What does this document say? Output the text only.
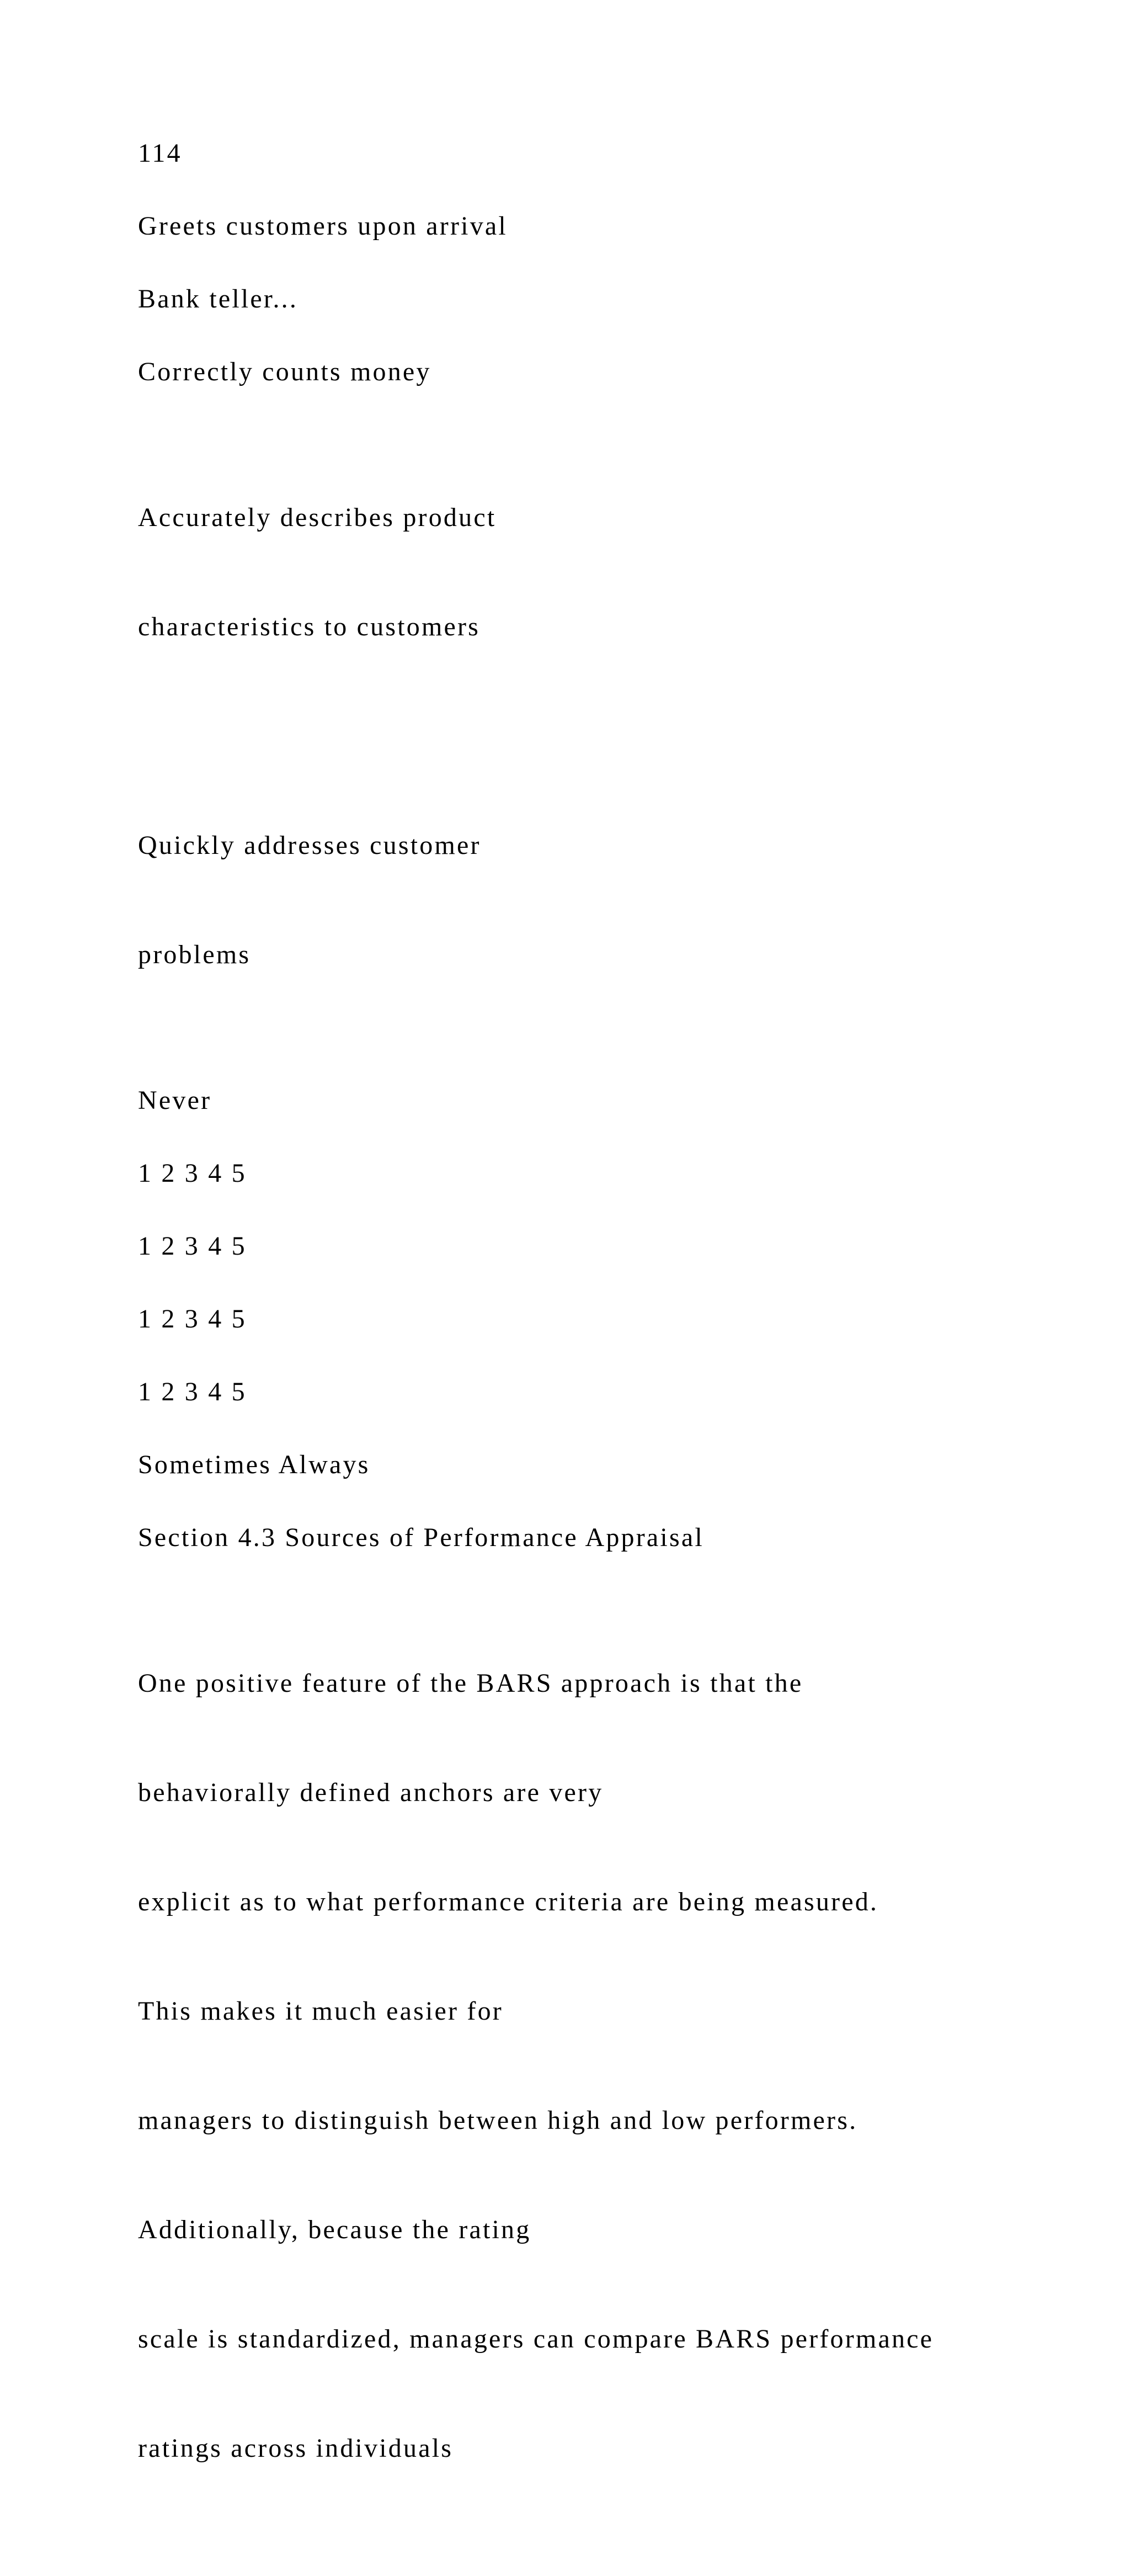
114

Greets customers upon arrival

Bank teller...

Correctly counts money

Accurately describes product

characteristics to customers

Quickly addresses customer

problems

Never

1 2 3 4 5

1 2 3 4 5

1 2 3 4 5

1 2 3 4 5

Sometimes Always

Section 4.3 Sources of Performance Appraisal

One positive feature of the BARS approach is that the

behaviorally defined anchors are very

explicit as to what performance criteria are being measured.

This makes it much easier for

managers to distinguish between high and low performers.

Additionally, because the rating

scale is standardized, managers can compare BARS performance

ratings across individuals
